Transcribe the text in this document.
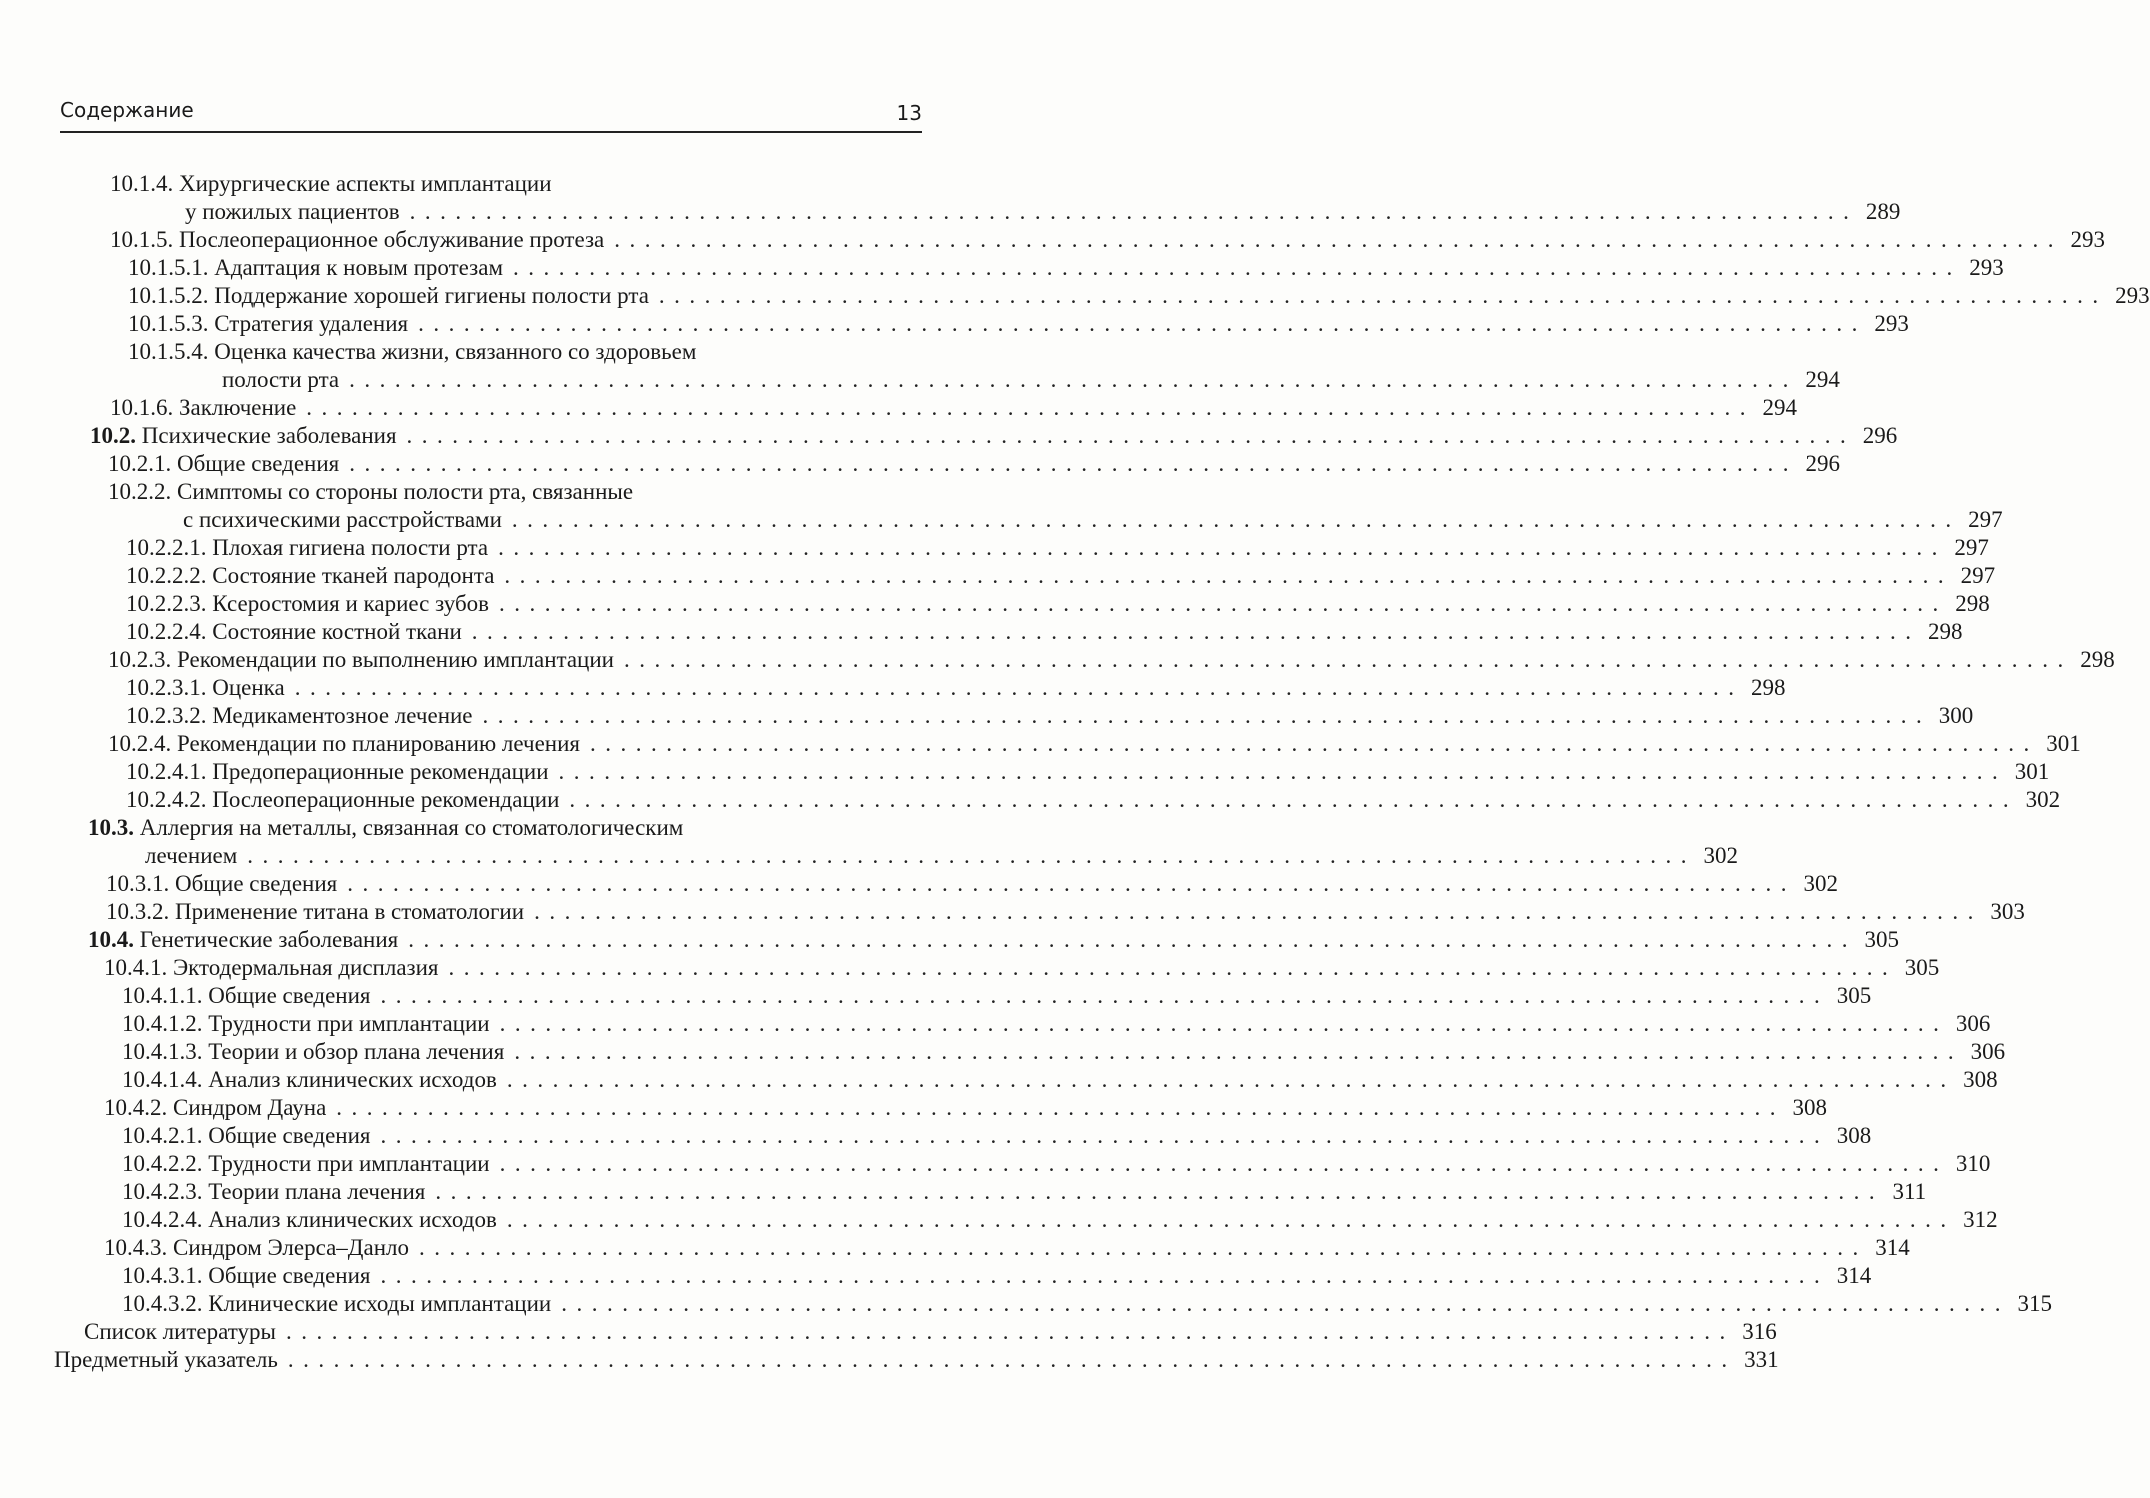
Содержание	13
10.1.4. Хирургические аспекты имплантации
у пожилых пациентов ............................................................................................... 289
10.1.5. Послеоперационное обслуживание протеза ............................................................................................... 293
10.1.5.1. Адаптация к новым протезам ............................................................................................... 293
10.1.5.2. Поддержание хорошей гигиены полости рта ............................................................................................... 293
10.1.5.3. Стратегия удаления ............................................................................................... 293
10.1.5.4. Оценка качества жизни, связанного со здоровьем
полости рта ............................................................................................... 294
10.1.6. Заключение ............................................................................................... 294
10.2. Психические заболевания ............................................................................................... 296
10.2.1. Общие сведения ............................................................................................... 296
10.2.2. Симптомы со стороны полости рта, связанные
с психическими расстройствами ............................................................................................... 297
10.2.2.1. Плохая гигиена полости рта ............................................................................................... 297
10.2.2.2. Состояние тканей пародонта ............................................................................................... 297
10.2.2.3. Ксеростомия и кариес зубов ............................................................................................... 298
10.2.2.4. Состояние костной ткани ............................................................................................... 298
10.2.3. Рекомендации по выполнению имплантации ............................................................................................... 298
10.2.3.1. Оценка ............................................................................................... 298
10.2.3.2. Медикаментозное лечение ............................................................................................... 300
10.2.4. Рекомендации по планированию лечения ............................................................................................... 301
10.2.4.1. Предоперационные рекомендации ............................................................................................... 301
10.2.4.2. Послеоперационные рекомендации ............................................................................................... 302
10.3. Аллергия на металлы, связанная со стоматологическим
лечением ............................................................................................... 302
10.3.1. Общие сведения ............................................................................................... 302
10.3.2. Применение титана в стоматологии ............................................................................................... 303
10.4. Генетические заболевания ............................................................................................... 305
10.4.1. Эктодермальная дисплазия ............................................................................................... 305
10.4.1.1. Общие сведения ............................................................................................... 305
10.4.1.2. Трудности при имплантации ............................................................................................... 306
10.4.1.3. Теории и обзор плана лечения ............................................................................................... 306
10.4.1.4. Анализ клинических исходов ............................................................................................... 308
10.4.2. Синдром Дауна ............................................................................................... 308
10.4.2.1. Общие сведения ............................................................................................... 308
10.4.2.2. Трудности при имплантации ............................................................................................... 310
10.4.2.3. Теории плана лечения ............................................................................................... 311
10.4.2.4. Анализ клинических исходов ............................................................................................... 312
10.4.3. Синдром Элерса–Данло ............................................................................................... 314
10.4.3.1. Общие сведения ............................................................................................... 314
10.4.3.2. Клинические исходы имплантации ............................................................................................... 315
Список литературы ............................................................................................... 316
Предметный указатель ............................................................................................... 331
